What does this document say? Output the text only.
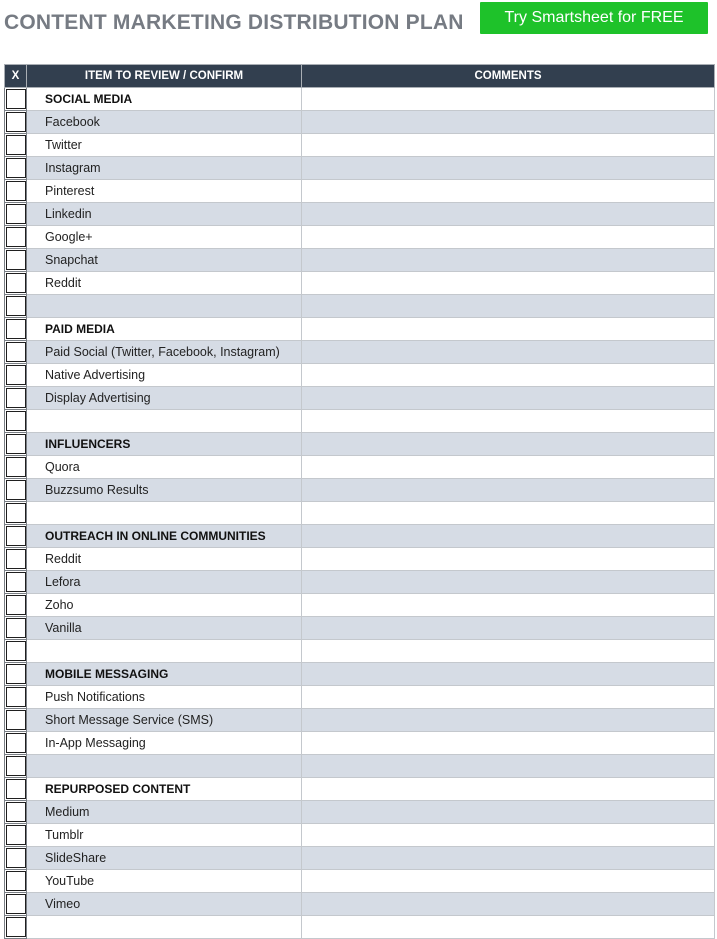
CONTENT MARKETING DISTRIBUTION PLAN	Try Smartsheet for FREE
X	ITEM TO REVIEW / CONFIRM	COMMENTS

	SOCIAL MEDIA	

	Facebook	

	Twitter	

	Instagram	

	Pinterest	

	Linkedin	

	Google+	

	Snapchat	

	Reddit	

	PAID MEDIA	

	Paid Social (Twitter, Facebook, Instagram)	

	Native Advertising	

	Display Advertising	

	INFLUENCERS	

	Quora	

	Buzzsumo Results	

	OUTREACH IN ONLINE COMMUNITIES	

	Reddit	

	Lefora	

	Zoho	

	Vanilla	

	MOBILE MESSAGING	

	Push Notifications	

	Short Message Service (SMS)	

	In-App Messaging	

	REPURPOSED CONTENT	

	Medium	

	Tumblr	

	SlideShare	

	YouTube	

	Vimeo	
